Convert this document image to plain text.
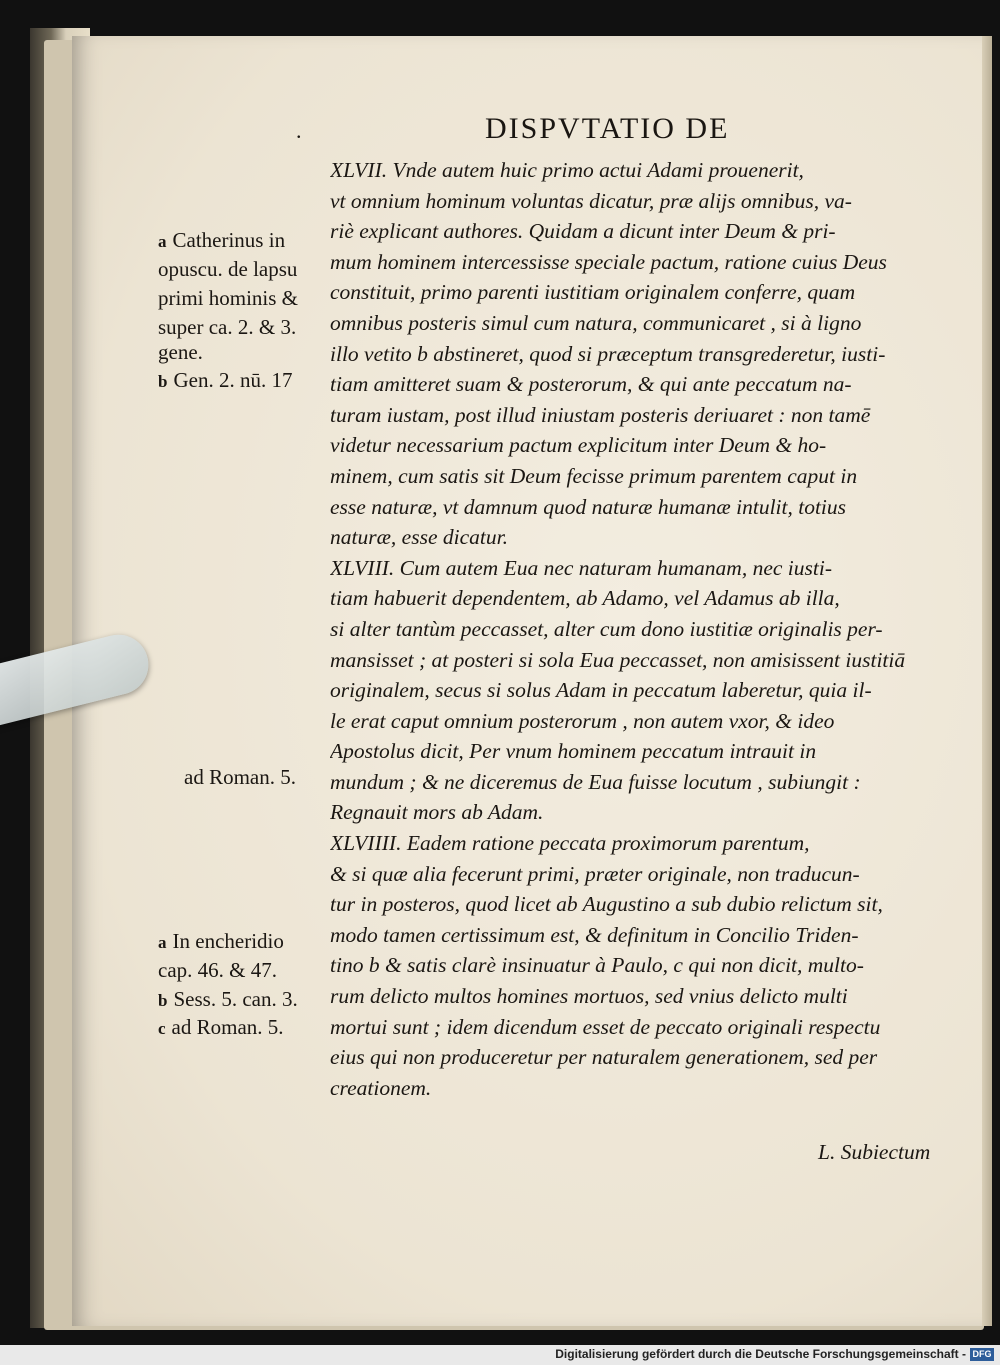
.	DISPVTATIO DE
XLVII. Vnde autem huic primo actui Adami prouenerit,
vt omnium hominum voluntas dicatur, præ alijs omnibus, va-
riè explicant authores. Quidam a dicunt inter Deum & pri-
mum hominem intercessisse speciale pactum, ratione cuius Deus
constituit, primo parenti iustitiam originalem conferre, quam
omnibus posteris simul cum natura, communicaret , si à ligno
illo vetito b abstineret, quod si præceptum transgrederetur, iusti-
tiam amitteret suam & posterorum, & qui ante peccatum na-
turam iustam, post illud iniustam posteris deriuaret : non tamē
videtur necessarium pactum explicitum inter Deum & ho-
minem, cum satis sit Deum fecisse primum parentem caput in
esse naturæ, vt damnum quod naturæ humanæ intulit, totius
naturæ, esse dicatur.
XLVIII. Cum autem Eua nec naturam humanam, nec iusti-
tiam habuerit dependentem, ab Adamo, vel Adamus ab illa,
si alter tantùm peccasset, alter cum dono iustitiæ originalis per-
mansisset ; at posteri si sola Eua peccasset, non amisissent iustitiā
originalem, secus si solus Adam in peccatum laberetur, quia il-
le erat caput omnium posterorum , non autem vxor, & ideo
Apostolus dicit, Per vnum hominem peccatum intrauit in
mundum ; & ne diceremus de Eua fuisse locutum , subiungit :
Regnauit mors ab Adam.
XLVIIII. Eadem ratione peccata proximorum parentum,
& si quæ alia fecerunt primi, præter originale, non traducun-
tur in posteros, quod licet ab Augustino a sub dubio relictum sit,
modo tamen certissimum est, & definitum in Concilio Triden-
tino b & satis clarè insinuatur à Paulo, c qui non dicit, multo-
rum delicto multos homines mortuos, sed vnius delicto multi
mortui sunt ; idem dicendum esset de peccato originali respectu
eius qui non produceretur per naturalem generationem, sed per
creationem.
a Catherinus in
opuscu. de lapsu
primi hominis &
super ca. 2. & 3.
gene.
b Gen. 2. nū. 17
ad Roman. 5.
a In encheridio
cap. 46. & 47.
b Sess. 5. can. 3.
c ad Roman. 5.
L. Subiectum
Digitalisierung gefördert durch die Deutsche Forschungsgemeinschaft - DFG
